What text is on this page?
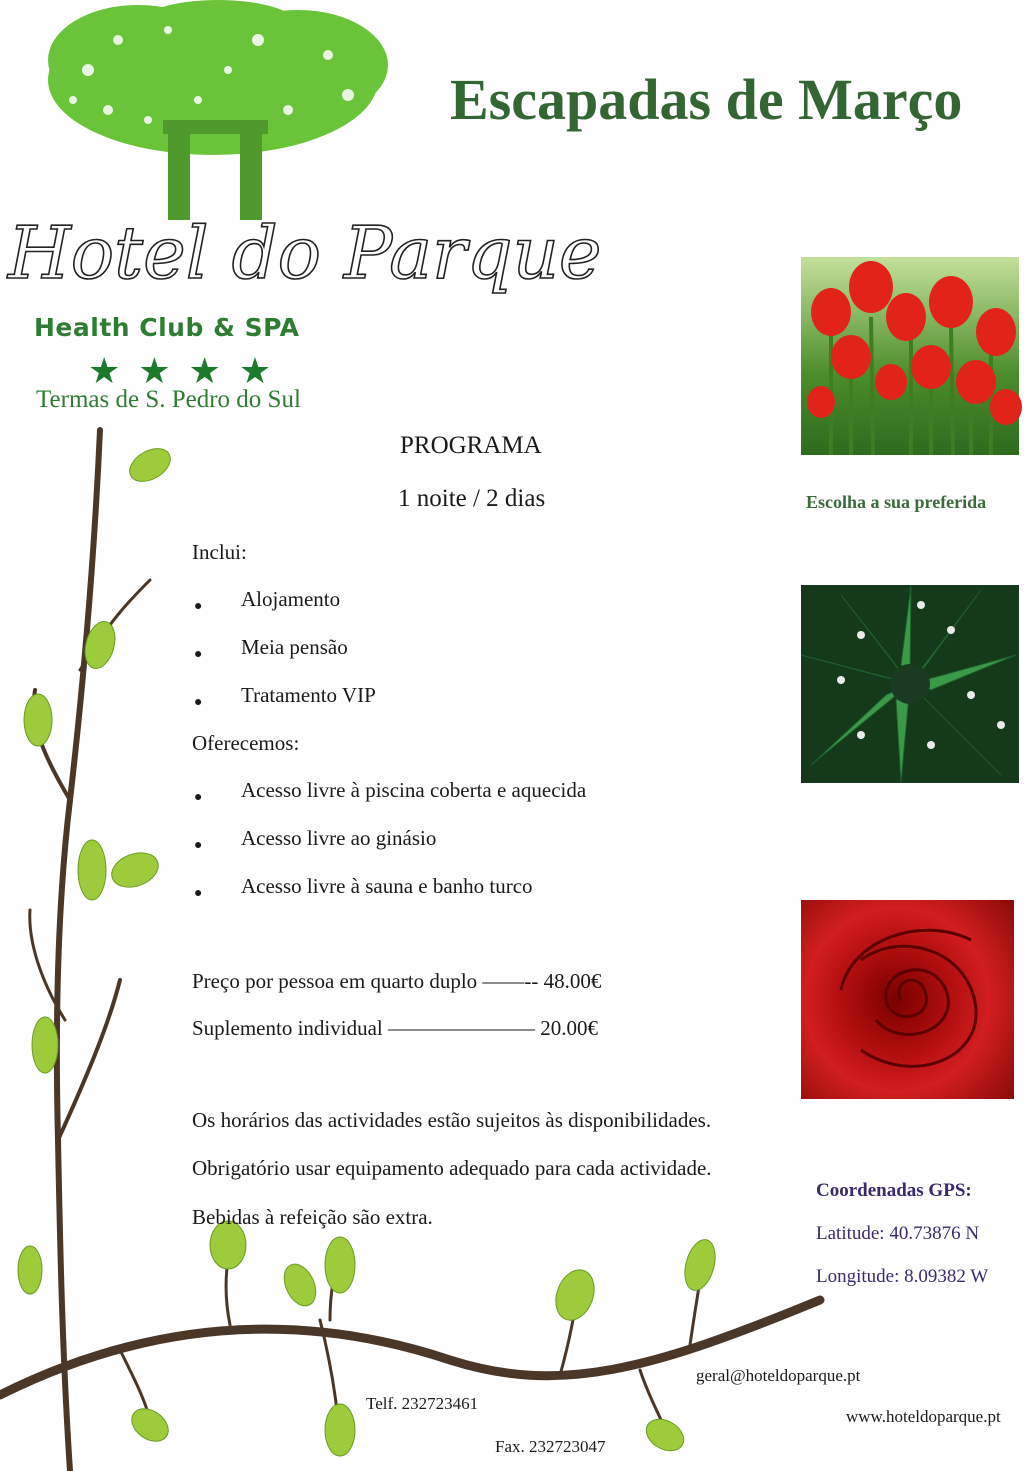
Hotel do Parque
Health Club & SPA
★★★★
Termas de S. Pedro do Sul
Escapadas de Março
Escolha a sua preferida
PROGRAMA
1 noite / 2 dias
Inclui:
● Alojamento
● Meia pensão
● Tratamento VIP
Oferecemos:
● Acesso livre à piscina coberta e aquecida
● Acesso livre ao ginásio
● Acesso livre à sauna e banho turco
Preço por pessoa em quarto duplo ——-- 48.00€
Suplemento individual ——————— 20.00€
Os horários das actividades estão sujeitos às disponibilidades.
Obrigatório usar equipamento adequado para cada actividade.
Bebidas à refeição são extra.
Coordenadas GPS:
Latitude: 40.73876 N
Longitude: 8.09382 W
geral@hoteldoparque.pt
Telf. 232723461
www.hoteldoparque.pt
Fax. 232723047
